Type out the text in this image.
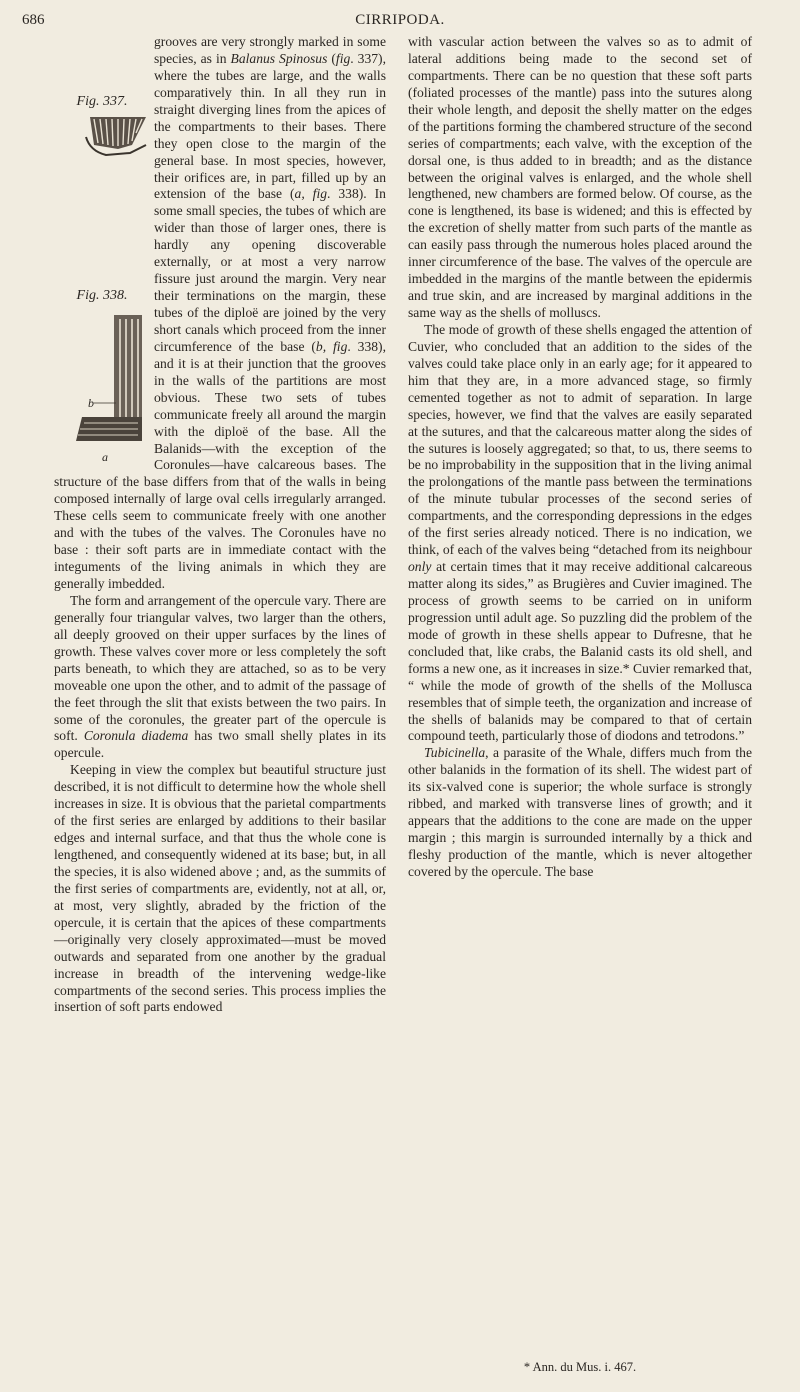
686	CIRRIPODA.
Fig. 337.
Fig. 338.
b
a

grooves are very strongly marked in some species, as in Balanus Spinosus (fig. 337), where the tubes are large, and the walls comparatively thin. In all they run in straight diverging lines from the apices of the compartments to their bases. There they open close to the margin of the general base. In most species, however, their orifices are, in part, filled up by an extension of the base (a, fig. 338). In some small species, the tubes of which are wider than those of larger ones, there is hardly any opening discoverable externally, or at most a very narrow fissure just around the margin. Very near their terminations on the margin, these tubes of the diploë are joined by the very short canals which proceed from the inner circumference of the base (b, fig. 338), and it is at their junction that the grooves in the walls of the partitions are most obvious. These two sets of tubes communicate freely all around the margin with the diploë of the base. All the Balanids—with the exception of the Coronules—have calcareous bases. The structure of the base differs from that of the walls in being composed internally of large oval cells irregularly arranged. These cells seem to communicate freely with one another and with the tubes of the valves. The Coronules have no base : their soft parts are in immediate contact with the integuments of the living animals in which they are generally imbedded.

The form and arrangement of the opercule vary. There are generally four triangular valves, two larger than the others, all deeply grooved on their upper surfaces by the lines of growth. These valves cover more or less completely the soft parts beneath, to which they are attached, so as to be very moveable one upon the other, and to admit of the passage of the feet through the slit that exists between the two pairs. In some of the coronules, the greater part of the opercule is soft. Coronula diadema has two small shelly plates in its opercule.

Keeping in view the complex but beautiful structure just described, it is not difficult to determine how the whole shell increases in size. It is obvious that the parietal compartments of the first series are enlarged by additions to their basilar edges and internal surface, and that thus the whole cone is lengthened, and consequently widened at its base; but, in all the species, it is also widened above ; and, as the summits of the first series of compartments are, evidently, not at all, or, at most, very slightly, abraded by the friction of the opercule, it is certain that the apices of these compartments—originally very closely approximated—must be moved outwards and separated from one another by the gradual increase in breadth of the intervening wedge-like compartments of the second series. This process implies the insertion of soft parts endowed

with vascular action between the valves so as to admit of lateral additions being made to the second set of compartments. There can be no question that these soft parts (foliated processes of the mantle) pass into the sutures along their whole length, and deposit the shelly matter on the edges of the partitions forming the chambered structure of the second series of compartments; each valve, with the exception of the dorsal one, is thus added to in breadth; and as the distance between the original valves is enlarged, and the whole shell lengthened, new chambers are formed below. Of course, as the cone is lengthened, its base is widened; and this is effected by the excretion of shelly matter from such parts of the mantle as can easily pass through the numerous holes placed around the inner circumference of the base. The valves of the opercule are imbedded in the margins of the mantle between the epidermis and true skin, and are increased by marginal additions in the same way as the shells of molluscs.

The mode of growth of these shells engaged the attention of Cuvier, who concluded that an addition to the sides of the valves could take place only in an early age; for it appeared to him that they are, in a more advanced stage, so firmly cemented together as not to admit of separation. In large species, however, we find that the valves are easily separated at the sutures, and that the calcareous matter along the sides of the sutures is loosely aggregated; so that, to us, there seems to be no improbability in the supposition that in the living animal the prolongations of the mantle pass between the terminations of the minute tubular processes of the second series of compartments, and the corresponding depressions in the edges of the first series already noticed. There is no indication, we think, of each of the valves being “detached from its neighbour only at certain times that it may receive additional calcareous matter along its sides,” as Brugières and Cuvier imagined. The process of growth seems to be carried on in uniform progression until adult age. So puzzling did the problem of the mode of growth in these shells appear to Dufresne, that he concluded that, like crabs, the Balanid casts its old shell, and forms a new one, as it increases in size.* Cuvier remarked that, “ while the mode of growth of the shells of the Mollusca resembles that of simple teeth, the organization and increase of the shells of balanids may be compared to that of certain compound teeth, particularly those of diodons and tetrodons.”

Tubicinella, a parasite of the Whale, differs much from the other balanids in the formation of its shell. The widest part of its six-valved cone is superior; the whole surface is strongly ribbed, and marked with transverse lines of growth; and it appears that the additions to the cone are made on the upper margin ; this margin is surrounded internally by a thick and fleshy production of the mantle, which is never altogether covered by the opercule. The base

* Ann. du Mus. i. 467.
